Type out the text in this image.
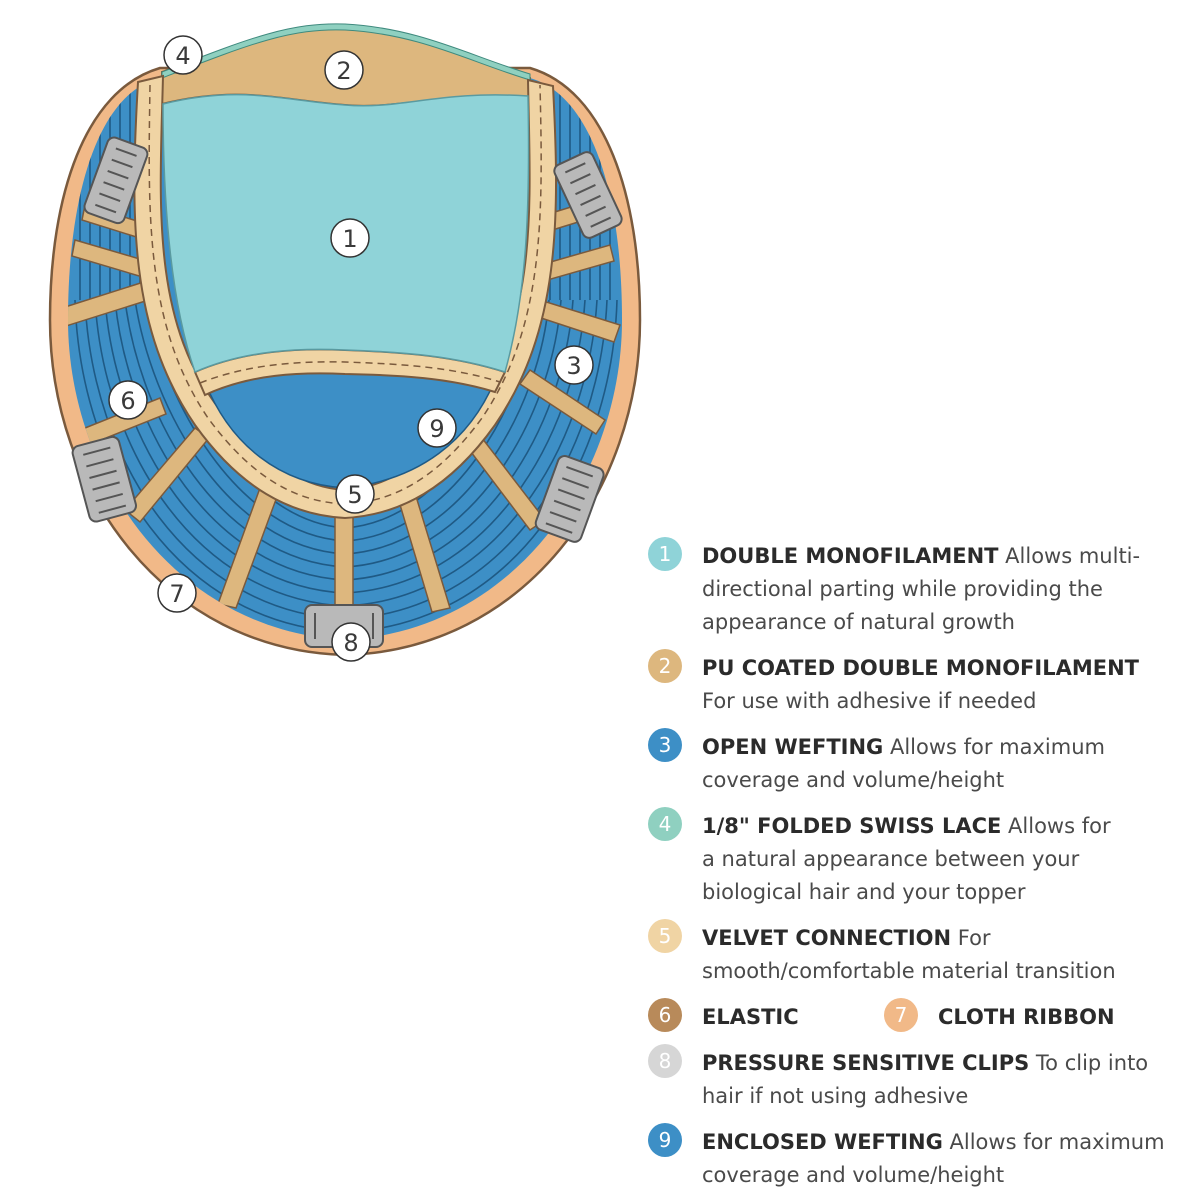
1
2
3
4
5
6
7
8
9
1	DOUBLE MONOFILAMENT Allows multi-directional parting while providing the appearance of natural growth
2	PU COATED DOUBLE MONOFILAMENT
For use with adhesive if needed
3	OPEN WEFTING Allows for maximum coverage and volume/height
4	1/8" FOLDED SWISS LACE Allows for a natural appearance between your biological hair and your topper
5	VELVET CONNECTION For smooth/comfortable material transition
6	ELASTIC	7	CLOTH RIBBON
8	PRESSURE SENSITIVE CLIPS To clip into hair if not using adhesive
9	ENCLOSED WEFTING Allows for maximum coverage and volume/height
